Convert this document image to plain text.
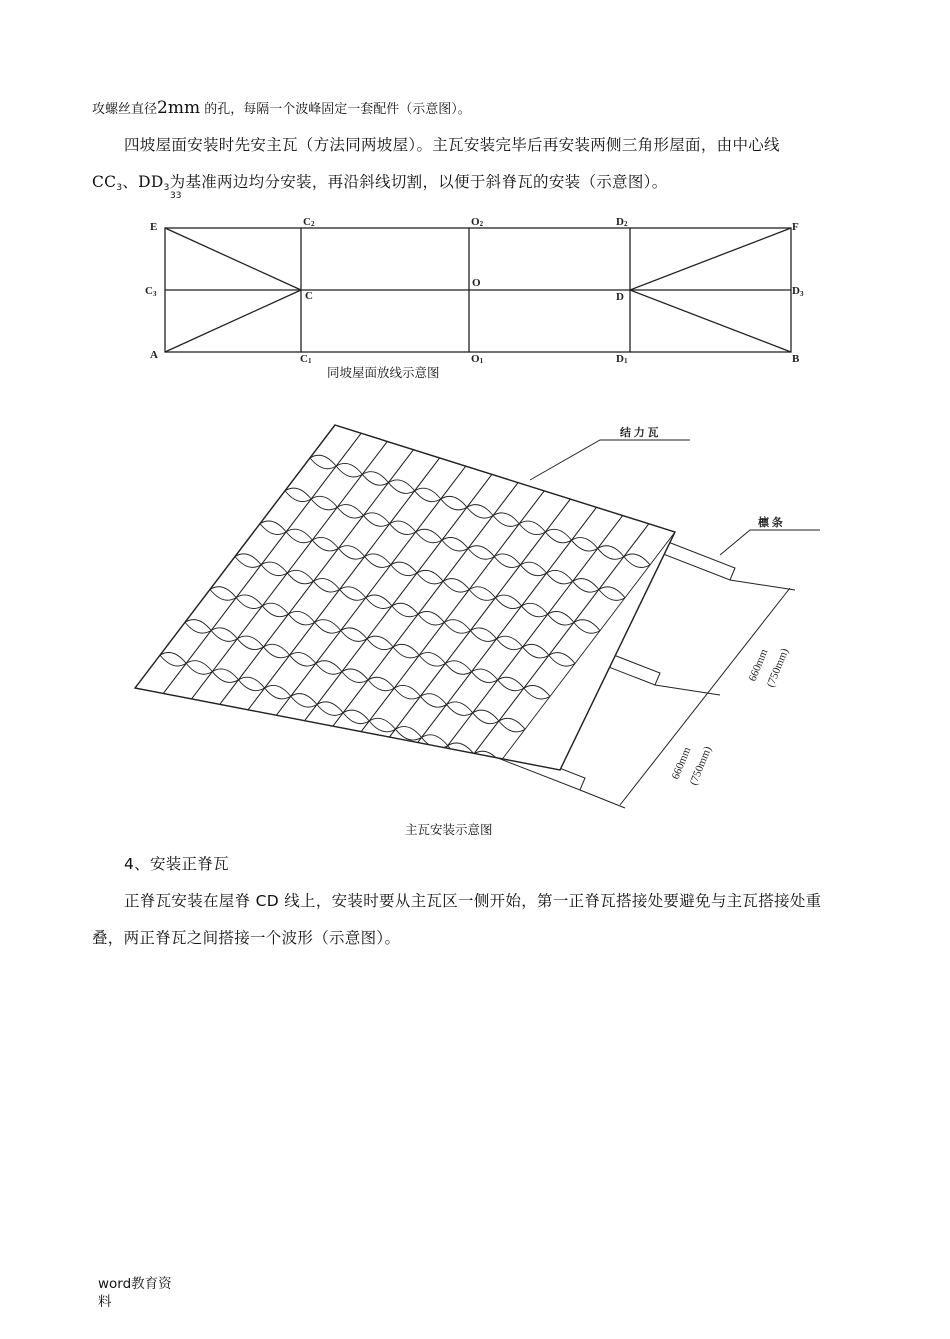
攻螺丝直径2mm 的孔，每隔一个波峰固定一套配件（示意图）。
四坡屋面安装时先安主瓦（方法同两坡屋）。主瓦安装完毕后再安装两侧三角形屋面，由中心线
$CC_3$、$DD_3$为基准两边均分安装，再沿斜线切割，以便于斜脊瓦的安装（示意图）。
33
E	C2	O2	D2	F
C3	C
O
D	D3
A	C1	O1	D1	B
同坡屋面放线示意图
结 力 瓦
檩 条
660mm
(750mm)
660mm
(750mm)
主瓦安装示意图
4、安装正脊瓦
正脊瓦安装在屋脊 CD 线上，安装时要从主瓦区一侧开始，第一正脊瓦搭接处要避免与主瓦搭接处重
叠，两正脊瓦之间搭接一个波形（示意图）。
word教育资料
